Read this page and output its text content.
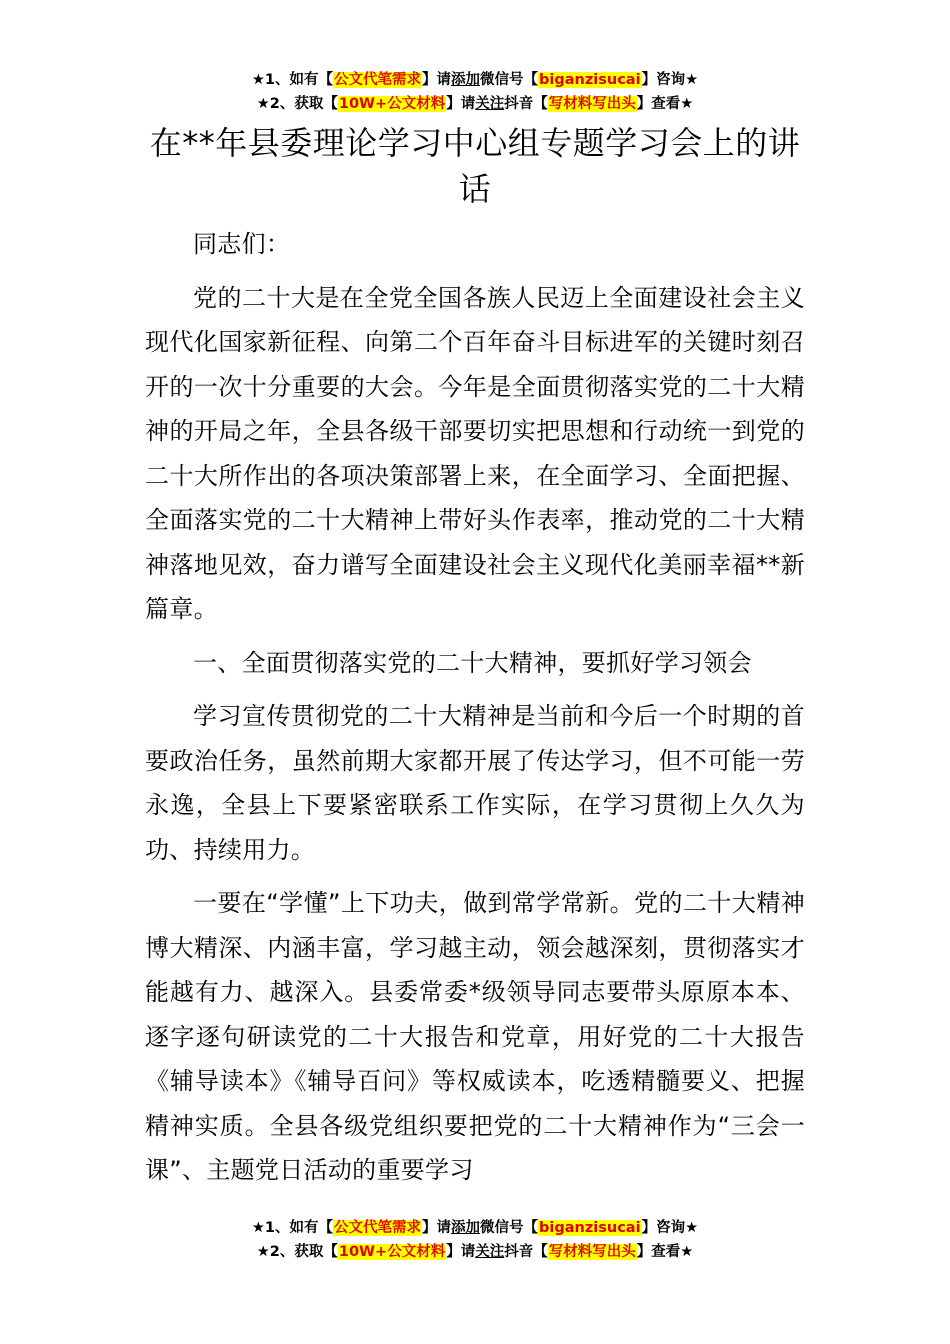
★1、如有【公文代笔需求】请添加微信号【biganzisucai】咨询★
★2、获取【10W+公文材料】请关注抖音【写材料写出头】查看★
在**年县委理论学习中心组专题学习会上的讲话

同志们：

党的二十大是在全党全国各族人民迈上全面建设社会主义现代化国家新征程、向第二个百年奋斗目标进军的关键时刻召开的一次十分重要的大会。今年是全面贯彻落实党的二十大精神的开局之年，全县各级干部要切实把思想和行动统一到党的二十大所作出的各项决策部署上来，在全面学习、全面把握、全面落实党的二十大精神上带好头作表率，推动党的二十大精神落地见效，奋力谱写全面建设社会主义现代化美丽幸福**新篇章。

一、全面贯彻落实党的二十大精神，要抓好学习领会

学习宣传贯彻党的二十大精神是当前和今后一个时期的首要政治任务，虽然前期大家都开展了传达学习，但不可能一劳永逸，全县上下要紧密联系工作实际，在学习贯彻上久久为功、持续用力。

一要在“学懂”上下功夫，做到常学常新。党的二十大精神博大精深、内涵丰富，学习越主动，领会越深刻，贯彻落实才能越有力、越深入。县委常委*级领导同志要带头原原本本、逐字逐句研读党的二十大报告和党章，用好党的二十大报告《辅导读本》《辅导百问》等权威读本，吃透精髓要义、把握精神实质。全县各级党组织要把党的二十大精神作为“三会一课”、主题党日活动的重要学习

★1、如有【公文代笔需求】请添加微信号【biganzisucai】咨询★
★2、获取【10W+公文材料】请关注抖音【写材料写出头】查看★
